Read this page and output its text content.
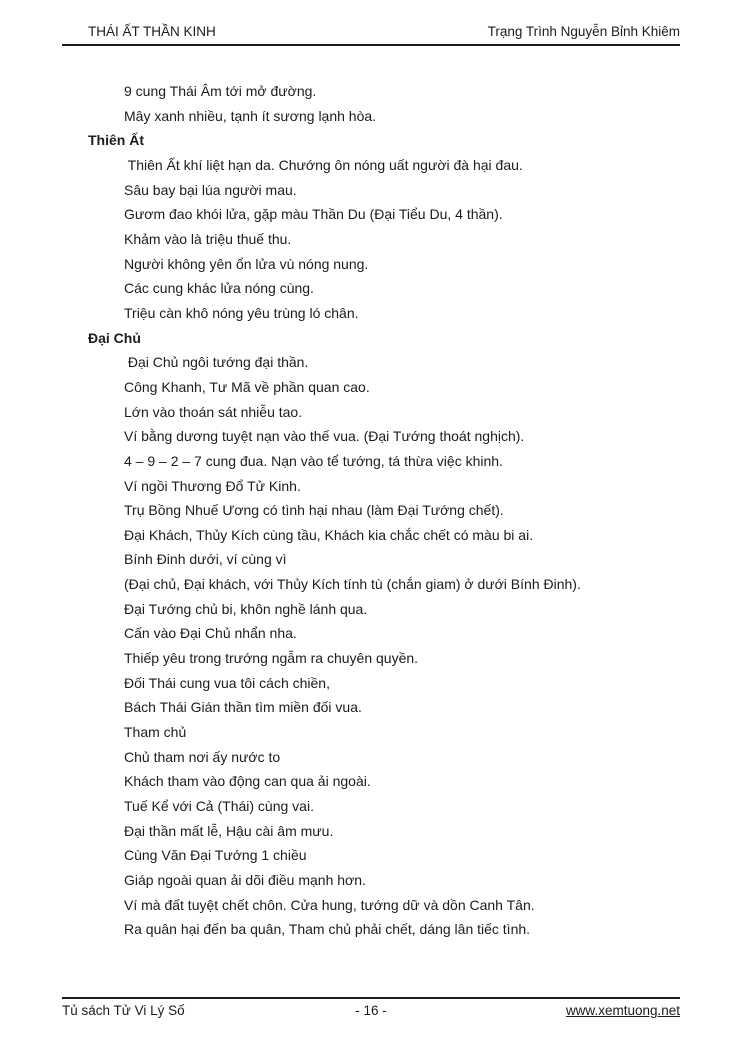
THÁI ẤT THẦN KINH	Trạng Trình Nguyễn Bỉnh Khiêm

9 cung Thái Âm tới mở đường.

Mây xanh nhiều, tạnh ít sương lạnh hòa.

Thiên Ất

Thiên Ất khí liệt hạn da. Chướng ôn nóng uất người đà hại đau.

Sâu bay bại lúa người mau.

Gươm đao khói lửa, gặp màu Thần Du (Đại Tiểu Du, 4 thần).

Khảm vào là triệu thuế thu.

Người không yên ổn lửa vù nóng nung.

Các cung khác lửa nóng cùng.

Triệu càn khô nóng yêu trùng ló chân.

Đại Chủ

Đại Chủ ngôi tướng đại thần.

Công Khanh, Tư Mã về phần quan cao.

Lớn vào thoán sát nhiễu tao.

Ví bằng dương tuyệt nạn vào thế vua. (Đại Tướng thoát nghịch).

4 – 9 – 2 – 7 cung đua. Nạn vào tể tướng, tá thừa việc khinh.

Ví ngồi Thương Đổ Tử Kinh.

Trụ Bồng Nhuế Ương có tình hại nhau (làm Đại Tướng chết).

Đại Khách, Thủy Kích cùng tầu, Khách kia chắc chết có màu bi ai.

Bính Đinh dưới, ví cùng vì

(Đại chủ, Đại khách, với Thủy Kích tính tù (chắn giam) ở dưới Bính Đinh).

Đại Tướng chủ bi, khôn nghề lánh qua.

Cấn vào Đại Chủ nhẩn nha.

Thiếp yêu trong trướng ngẫm ra chuyên quyền.

Đối Thái cung vua tôi cách chiền,

Bách Thái Gián thần tìm miền đối vua.

Tham chủ

Chủ tham nơi ấy nước to

Khách tham vào động can qua ải ngoài.

Tuế Kể với Cả (Thái) cùng vai.

Đại thần mất lễ, Hậu cài âm mưu.

Cùng Văn Đại Tướng 1 chiều

Giáp ngoài quan ải dõi điều mạnh hơn.

Ví mà đất tuyệt chết chôn. Cửa hung, tướng dữ và dồn Canh Tân.

Ra quân hại đến ba quân, Tham chủ phải chết, dáng lân tiếc tình.

Tủ sách Tử Vi Lý Số	- 16 -	www.xemtuong.net
